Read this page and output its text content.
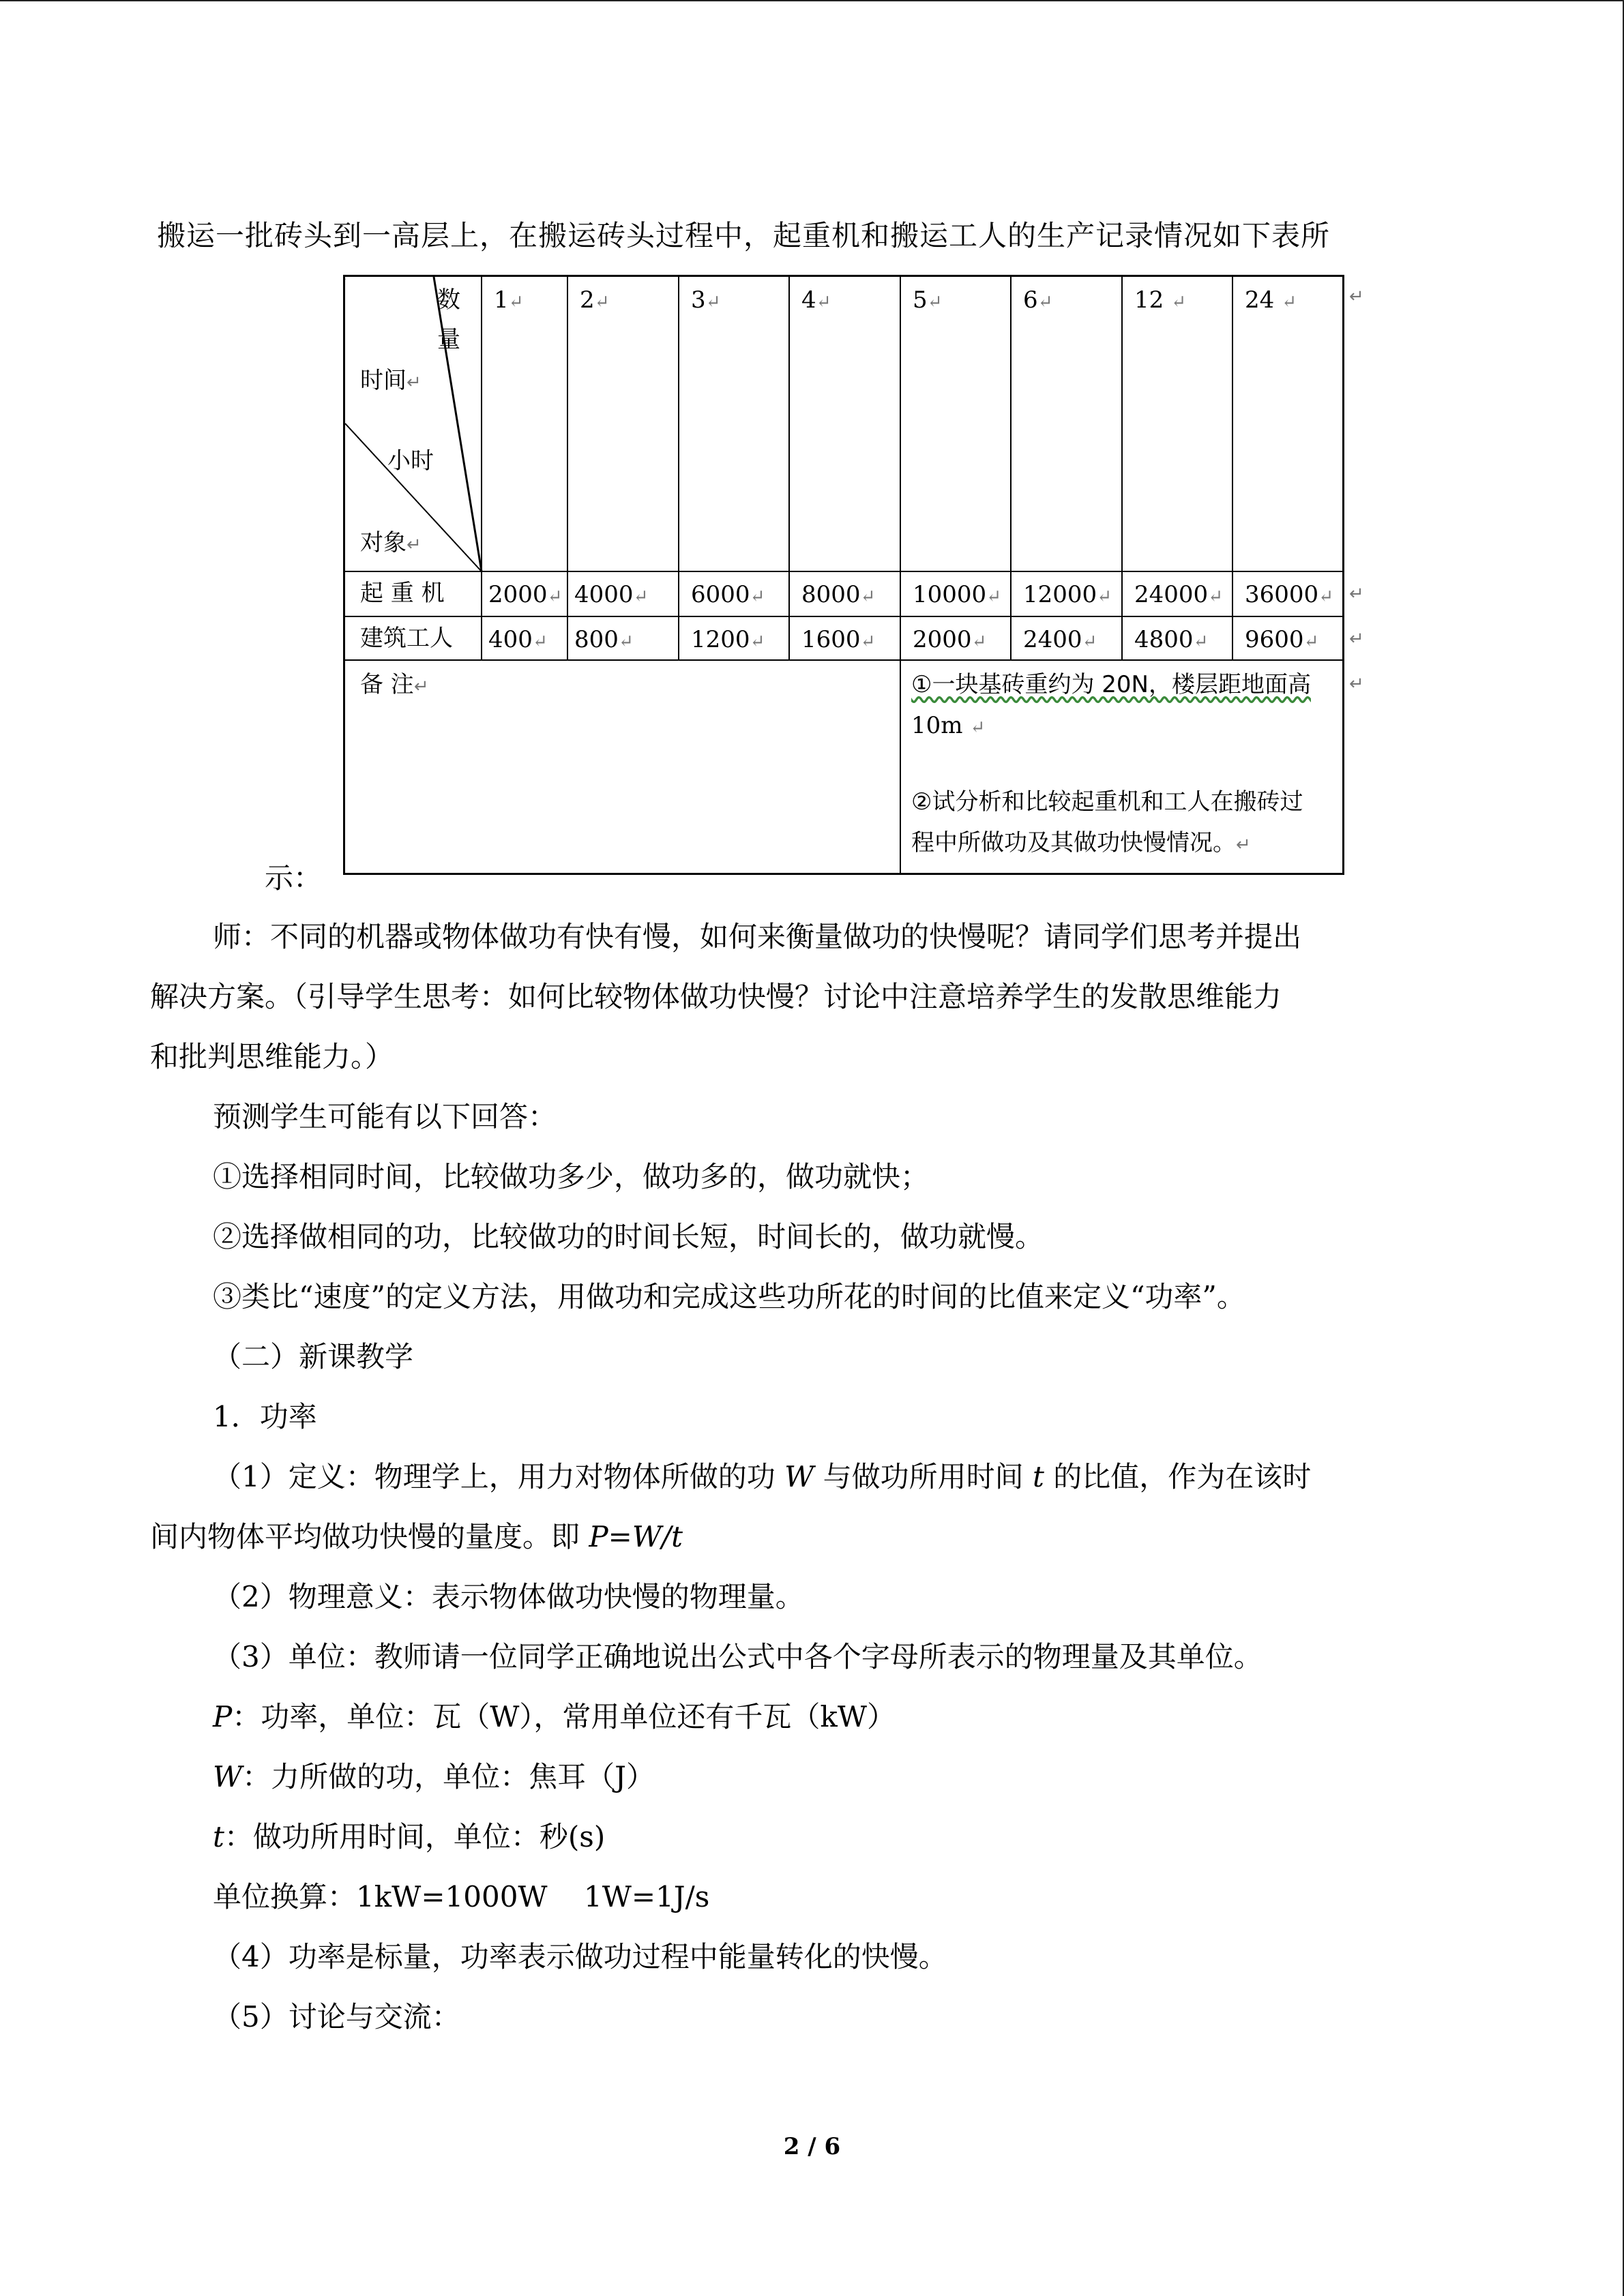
搬运一批砖头到一高层上，在搬运砖头过程中，起重机和搬运工人的生产记录情况如下表所
示：
数
量
时间↵
小时
对象↵
1↵ 2↵	3↵	4↵	5↵	6↵	12 ↵	24 ↵
起 重 机 2000↵ 4000↵ 6000↵ 8000↵ 10000↵ 12000↵ 24000↵ 36000↵
建筑工人 400↵ 800↵ 1200↵ 1600↵ 2000↵ 2400↵ 4800↵ 9600↵
备 注↵	①一块基砖重约为 20N，楼层距地面高
10m ↵
②试分析和比较起重机和工人在搬砖过
程中所做功及其做功快慢情况。↵
↵
↵
↵
↵
师：不同的机器或物体做功有快有慢，如何来衡量做功的快慢呢？请同学们思考并提出
解决方案。（引导学生思考：如何比较物体做功快慢？讨论中注意培养学生的发散思维能力
和批判思维能力。）
预测学生可能有以下回答：
①选择相同时间，比较做功多少，做功多的，做功就快；
②选择做相同的功，比较做功的时间长短，时间长的，做功就慢。
③类比“速度”的定义方法，用做功和完成这些功所花的时间的比值来定义“功率”。
（二）新课教学
1．功率
（1）定义：物理学上，用力对物体所做的功 W 与做功所用时间 t 的比值，作为在该时
间内物体平均做功快慢的量度。即 P=W/t
（2）物理意义：表示物体做功快慢的物理量。
（3）单位：教师请一位同学正确地说出公式中各个字母所表示的物理量及其单位。
P：功率，单位：瓦（W），常用单位还有千瓦（kW）
W：力所做的功，单位：焦耳（J）
t：做功所用时间，单位：秒(s)
单位换算：1kW=1000W    1W=1J/s
（4）功率是标量，功率表示做功过程中能量转化的快慢。
（5）讨论与交流：
2 / 6
